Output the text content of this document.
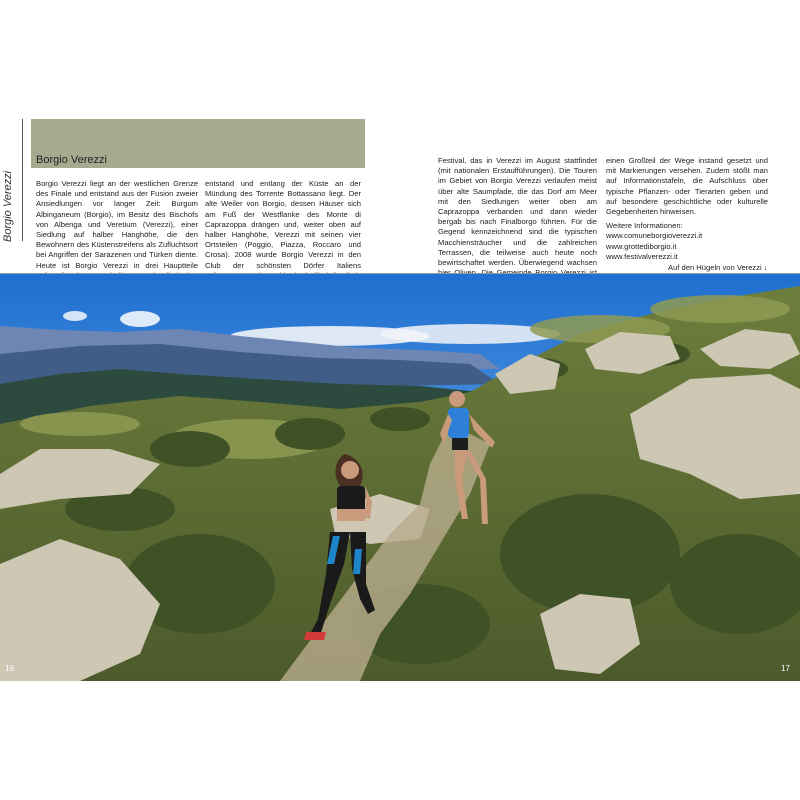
Borgio Verezzi

Borgio Verezzi liegt an der westlichen Grenze des Finale und entstand aus der Fusion zweier Ansiedlungen vor langer Zeit: Burgum Albinganeum (Borgio), im Besitz des Bischofs von Albenga und Veretium (Verezzi), einer Siedlung auf halber Hanghöhe, die den Bewohnern des Küstenstreifens als Zufluchtsort bei Angriffen der Sarazenen und Türken diente. Heute ist Borgio Verezzi in drei Hauptteile

entstand und entlang der Küste an der Mündung des Torrente Bottassano liegt. Der alte Weiler von Borgio, dessen Häuser sich am Fuß der Westflanke des Monte di Caprazoppa drängen und, weiter oben auf halber Hanghöhe, Verezzi mit seinen vier Ortsteilen (Poggio, Piazza, Roccaro und Crosa). 2008 wurde Borgio Verezzi in den Club der schönsten Dörfer Italiens

Festival, das in Verezzi im August stattfindet (mit nationalen Erstaufführungen). Die Touren im Gebiet von Borgio Verezzi verlaufen meist über alte Saumpfade, die das Dorf am Meer mit den Siedlungen weiter oben am Caprazoppa verbanden und dann wieder bergab bis nach Finalborgo führten. Für die Gegend kennzeichnend sind die typischen Macchiensträucher und die zahlreichen Terrassen, die teilweise auch heute noch bewirtschaftet werden. Überwiegend wachsen

einen Großteil der Wege instand gesetzt und mit Markierungen versehen. Zudem stößt man auf Informationstafeln, die Aufschluss über typische Pflanzen- oder Tierarten geben und auf besondere geschichtliche oder kulturelle Gegebenheiten hinweisen.

Weitere Informationen:

www.comuneborgioverezzi.it
www.grottediborgio.it
www.festivalverezzi.it
Auf den Hügeln von Verezzi ↓
16	17
